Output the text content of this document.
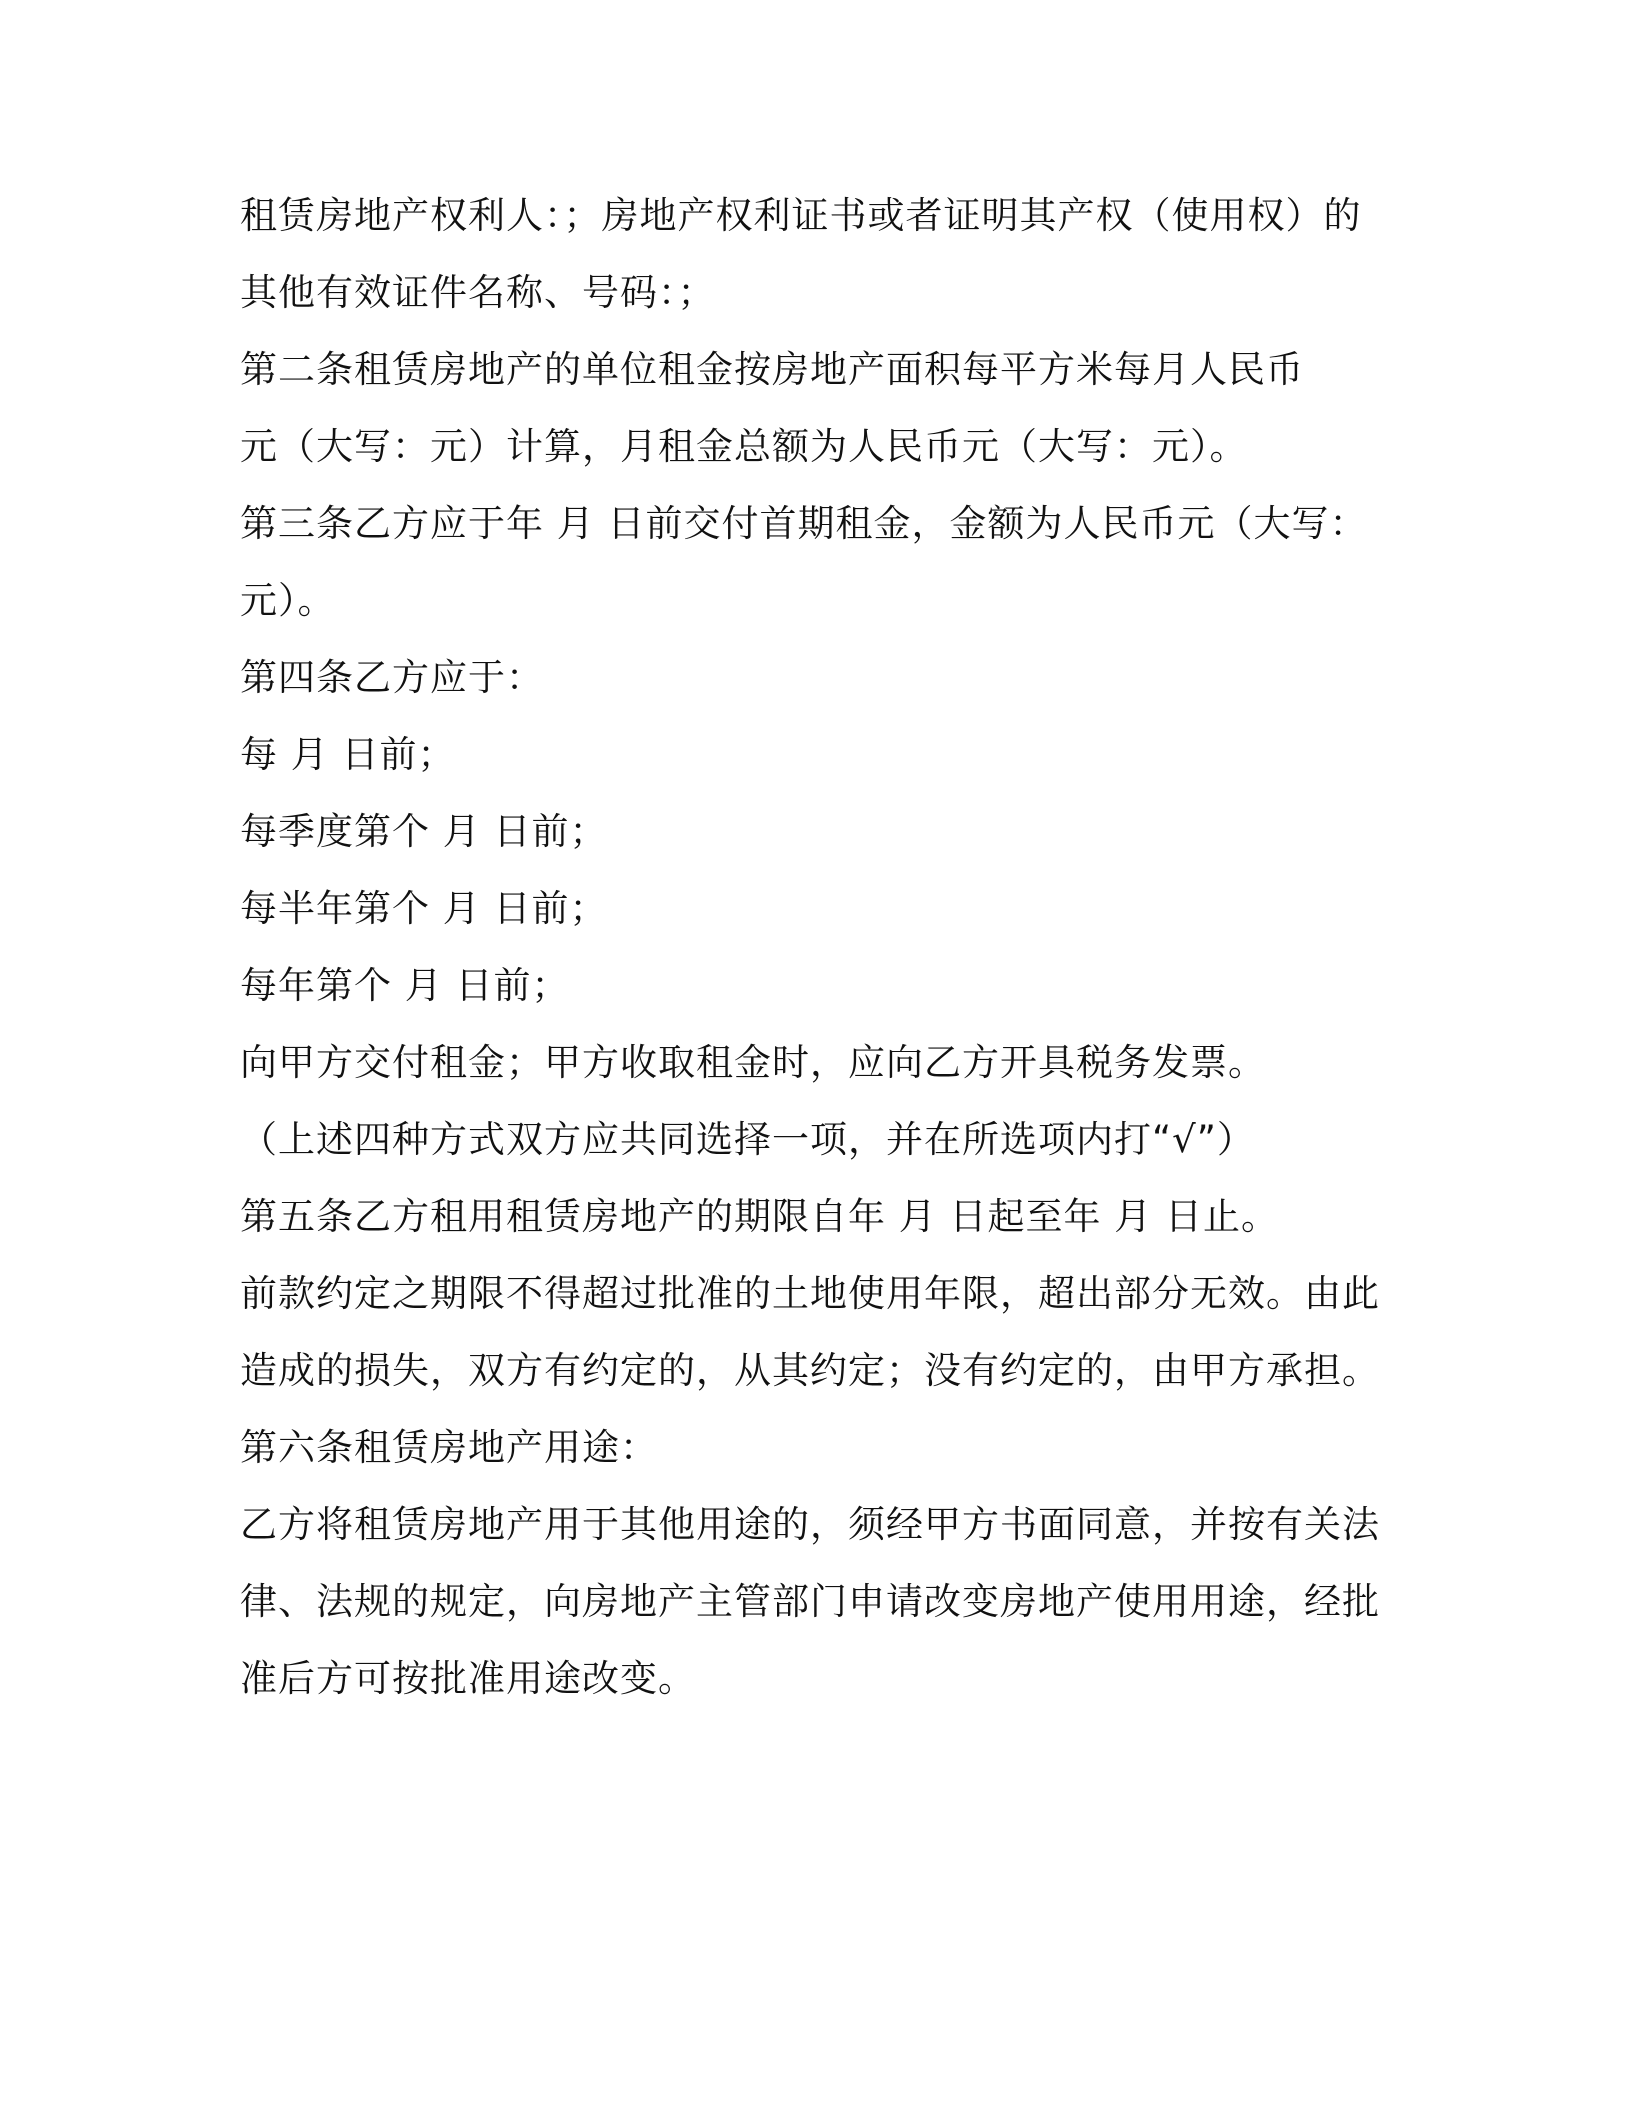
租赁房地产权利人：；房地产权利证书或者证明其产权（使用权）的
其他有效证件名称、号码：；
第二条租赁房地产的单位租金按房地产面积每平方米每月人民币
元（大写：元）计算，月租金总额为人民币元（大写：元）。
第三条乙方应于年 月 日前交付首期租金，金额为人民币元（大写：
元）。
第四条乙方应于：
每 月 日前；
每季度第个 月 日前；
每半年第个 月 日前；
每年第个 月 日前；
向甲方交付租金；甲方收取租金时，应向乙方开具税务发票。
（上述四种方式双方应共同选择一项，并在所选项内打“√”）
第五条乙方租用租赁房地产的期限自年 月 日起至年 月 日止。
前款约定之期限不得超过批准的土地使用年限，超出部分无效。由此
造成的损失，双方有约定的，从其约定；没有约定的，由甲方承担。
第六条租赁房地产用途：
乙方将租赁房地产用于其他用途的，须经甲方书面同意，并按有关法
律、法规的规定，向房地产主管部门申请改变房地产使用用途，经批
准后方可按批准用途改变。
